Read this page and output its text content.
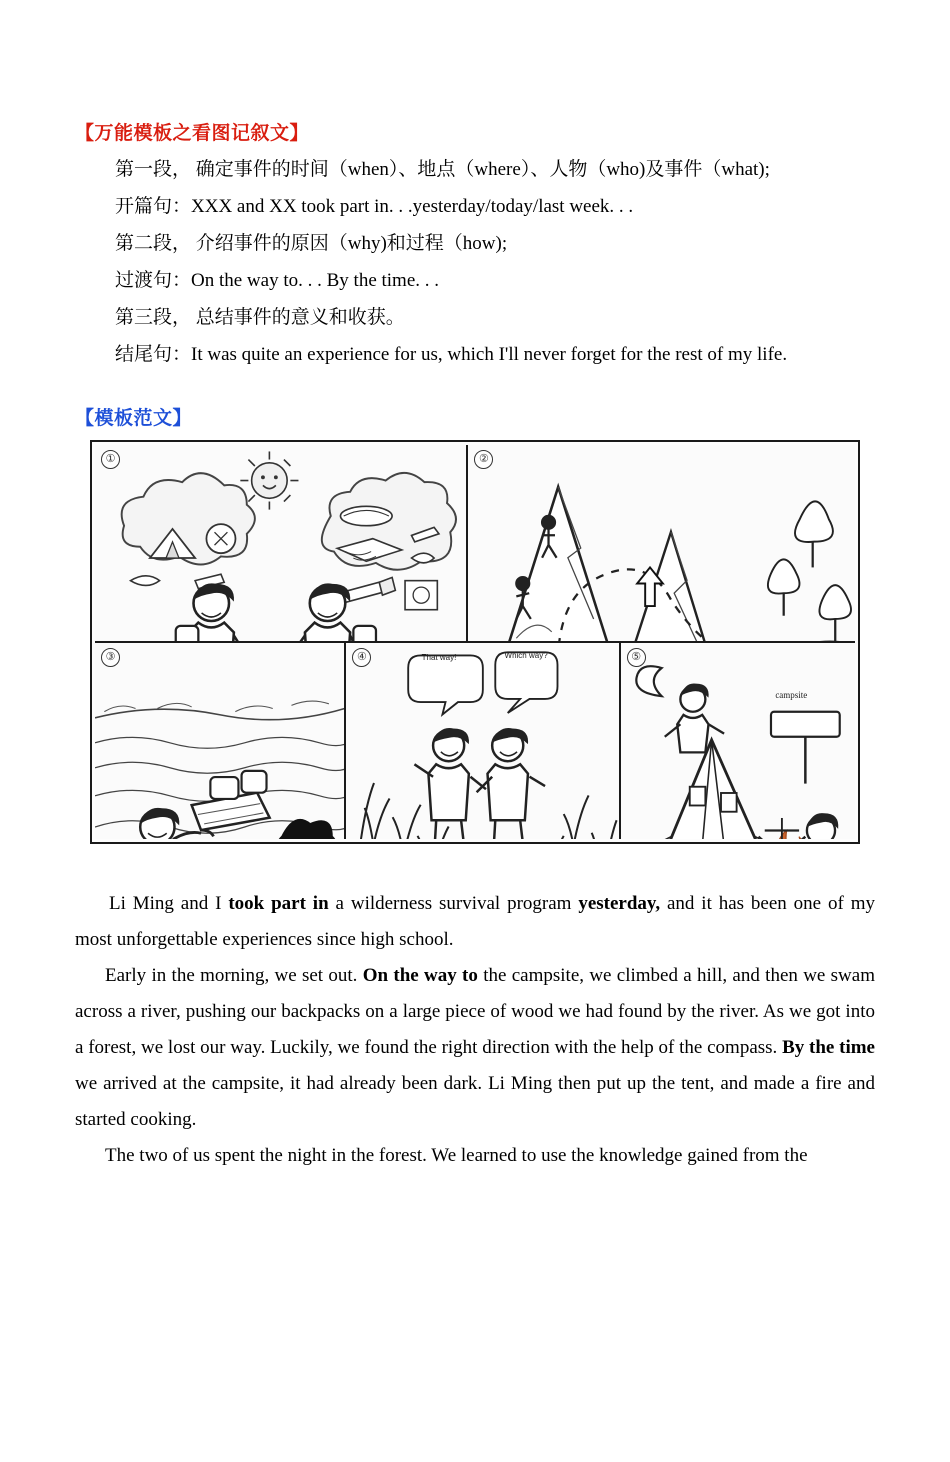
【万能模板之看图记叙文】
第一段， 确定事件的时间（when）、地点（where）、人物（who)及事件（what);
开篇句：XXX and XX took part in. . .yesterday/today/last week. . .
第二段， 介绍事件的原因（why)和过程（how);
过渡句：On the way to. . . By the time. . .
第三段， 总结事件的意义和收获。
结尾句：It was quite an experience for us, which I'll never forget for the rest of my life.
【模板范文】
①	②
③	④	That way!	Which way?	⑤
campsite

Li Ming and I took part in a wilderness survival program yesterday, and it has been one of my most unforgettable experiences since high school.

Early in the morning, we set out. On the way to the campsite, we climbed a hill, and then we swam across a river, pushing our backpacks on a large piece of wood we had found by the river. As we got into a forest, we lost our way. Luckily, we found the right direction with the help of the compass. By the time we arrived at the campsite, it had already been dark. Li Ming then put up the tent, and made a fire and started cooking.

The two of us spent the night in the forest. We learned to use the knowledge gained from the
